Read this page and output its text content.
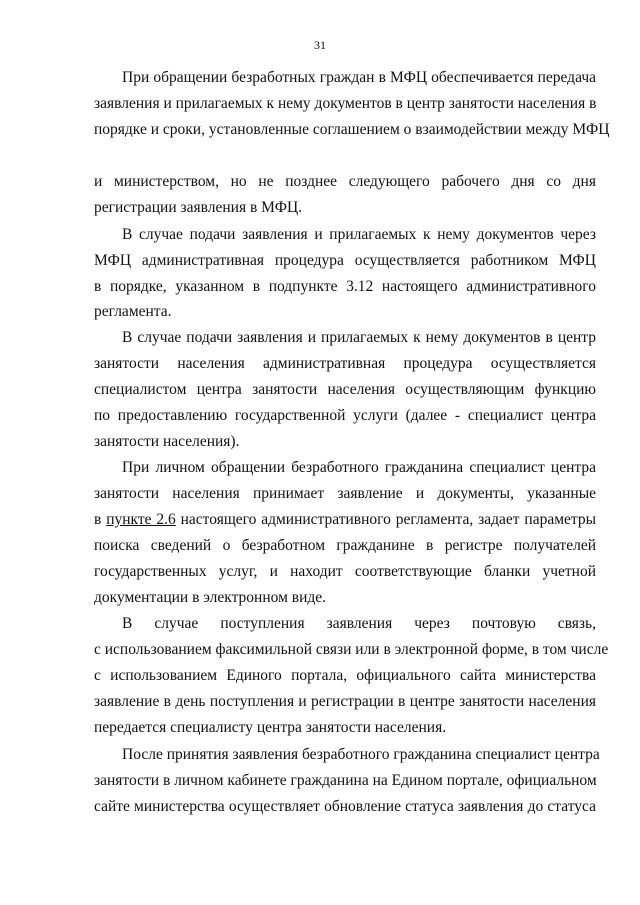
31
При обращении безработных граждан в МФЦ обеспечивается передача
заявления и прилагаемых к нему документов в центр занятости населения в
порядке и сроки, установленные соглашением о взаимодействии между МФЦ
и министерством, но не позднее следующего рабочего дня со дня
регистрации заявления в МФЦ.
В случае подачи заявления и прилагаемых к нему документов через
МФЦ административная процедура осуществляется работником МФЦ
в порядке, указанном в подпункте 3.12 настоящего административного
регламента.
В случае подачи заявления и прилагаемых к нему документов в центр
занятости населения административная процедура осуществляется
специалистом центра занятости населения осуществляющим функцию
по предоставлению государственной услуги (далее - специалист центра
занятости населения).
При личном обращении безработного гражданина специалист центра
занятости населения принимает заявление и документы, указанные
в пункте 2.6 настоящего административного регламента, задает параметры
поиска сведений о безработном гражданине в регистре получателей
государственных услуг, и находит соответствующие бланки учетной
документации в электронном виде.
В случае поступления заявления через почтовую связь,
с использованием факсимильной связи или в электронной форме, в том числе
с использованием Единого портала, официального сайта министерства
заявление в день поступления и регистрации в центре занятости населения
передается специалисту центра занятости населения.
После принятия заявления безработного гражданина специалист центра
занятости в личном кабинете гражданина на Едином портале, официальном
сайте министерства осуществляет обновление статуса заявления до статуса
